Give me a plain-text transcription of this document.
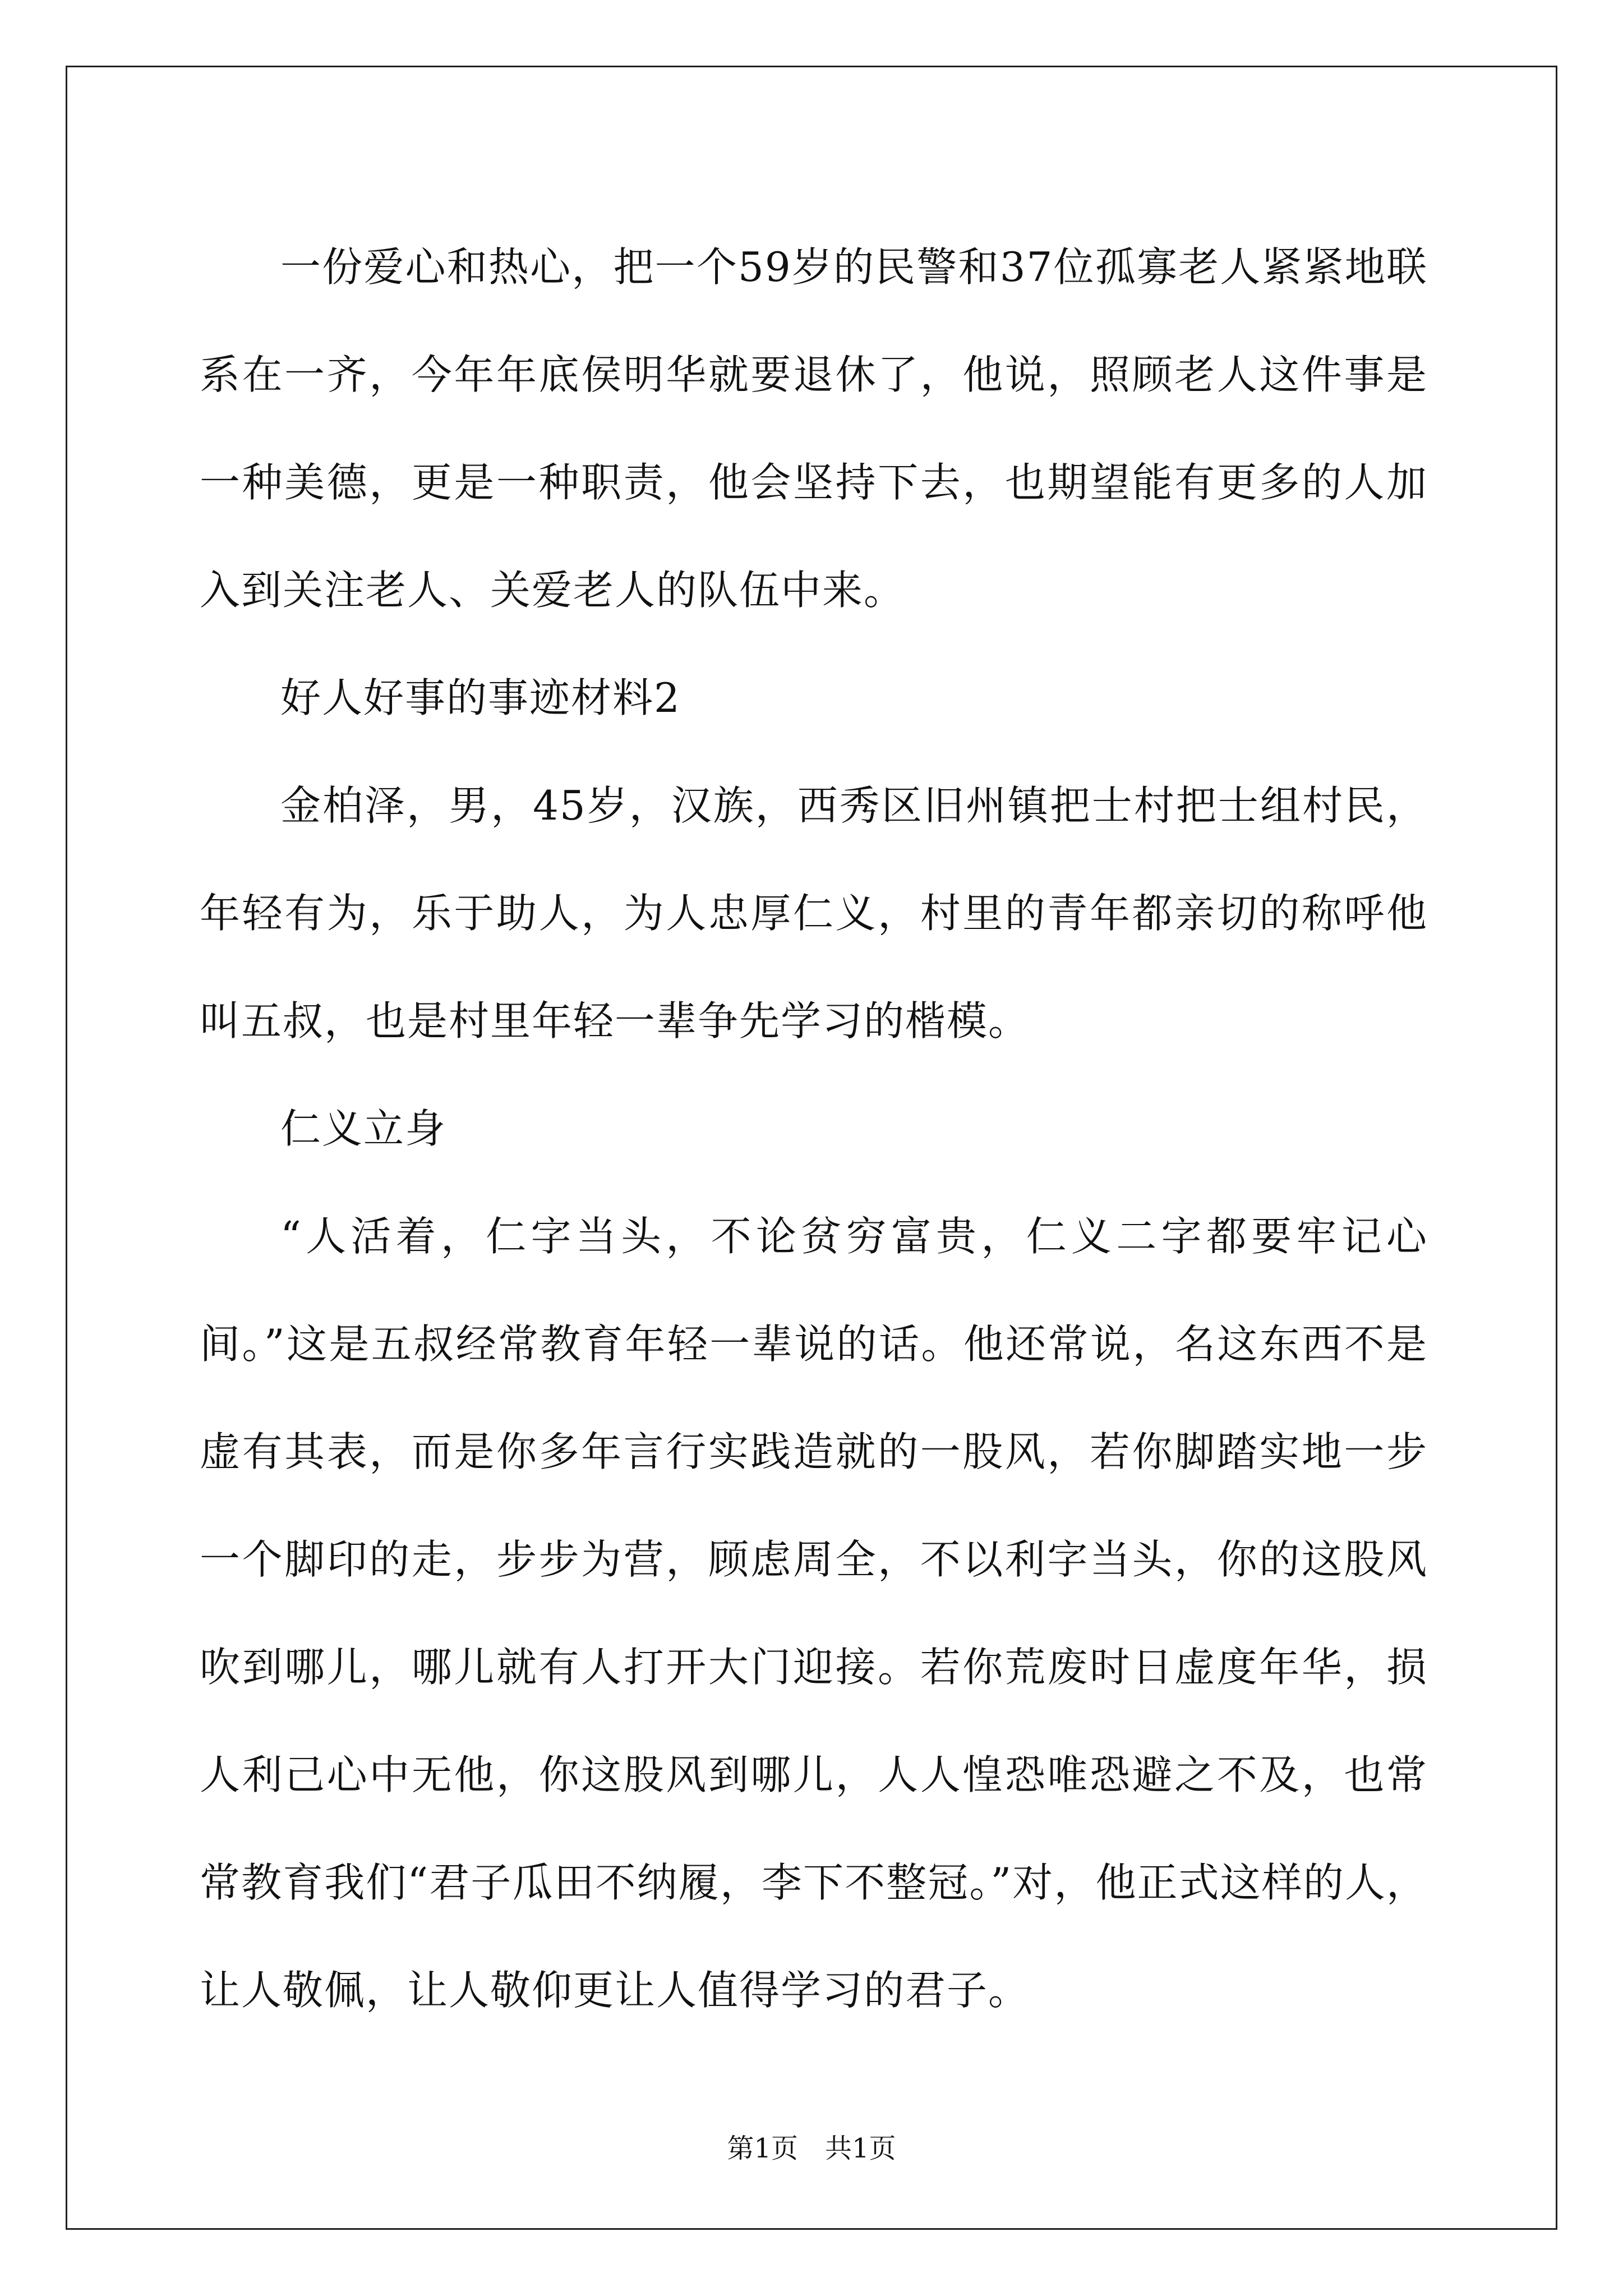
一份爱心和热心，把一个59岁的民警和37位孤寡老人紧紧地联系在一齐，今年年底侯明华就要退休了，他说，照顾老人这件事是一种美德，更是一种职责，他会坚持下去，也期望能有更多的人加入到关注老人、关爱老人的队伍中来。

好人好事的事迹材料2

金柏泽，男，45岁，汉族，西秀区旧州镇把士村把士组村民，年轻有为，乐于助人，为人忠厚仁义，村里的青年都亲切的称呼他叫五叔，也是村里年轻一辈争先学习的楷模。

仁义立身

“人活着，仁字当头，不论贫穷富贵，仁义二字都要牢记心间。”这是五叔经常教育年轻一辈说的话。他还常说，名这东西不是虚有其表，而是你多年言行实践造就的一股风，若你脚踏实地一步一个脚印的走，步步为营，顾虑周全，不以利字当头，你的这股风吹到哪儿，哪儿就有人打开大门迎接。若你荒废时日虚度年华，损人利己心中无他，你这股风到哪儿，人人惶恐唯恐避之不及，也常常教育我们“君子瓜田不纳履，李下不整冠。”对，他正式这样的人，让人敬佩，让人敬仰更让人值得学习的君子。

第1页 共1页
